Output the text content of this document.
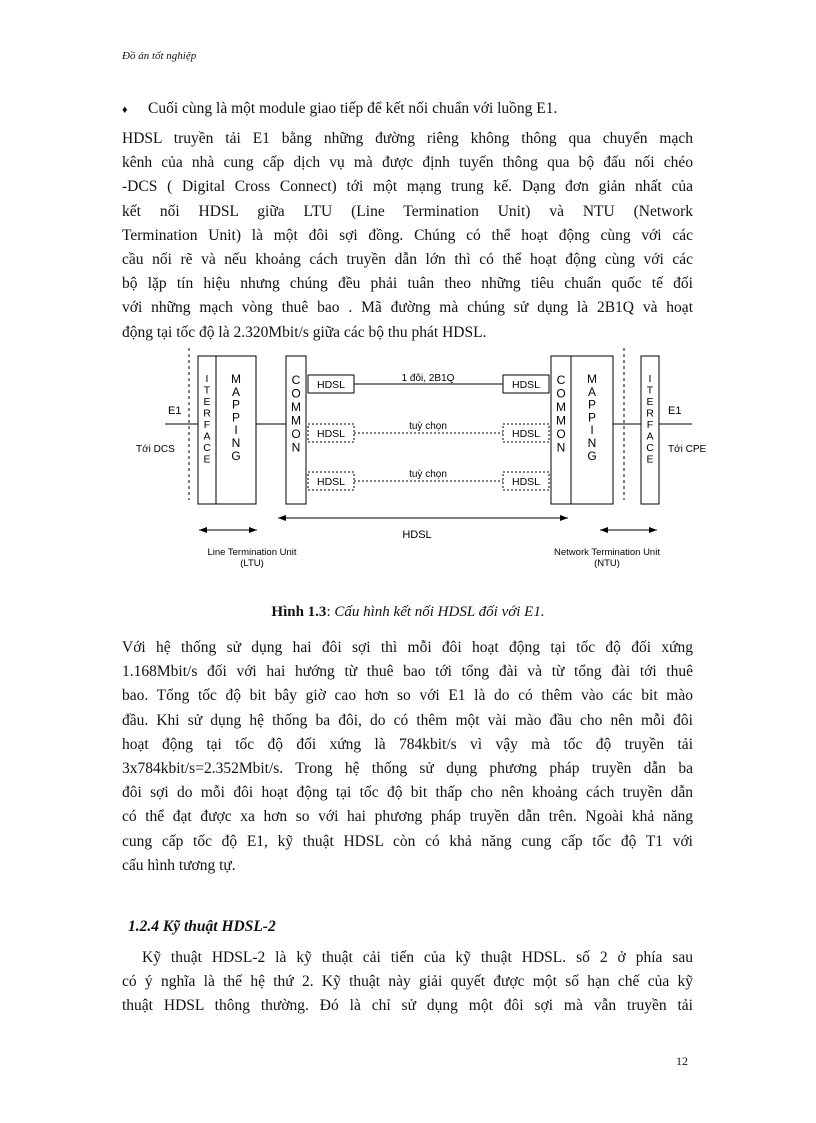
Đồ án tốt nghiệp
♦ Cuối cùng là một module giao tiếp để kết nối chuẩn với luồng E1.
HDSL truyền tải E1 bằng những đường riêng không thông qua chuyển mạch
kênh của nhà cung cấp dịch vụ mà được định tuyến thông qua bộ đấu nối chéo
-DCS ( Digital Cross Connect) tới một mạng trung kế. Dạng đơn giản nhất của
kết nối HDSL giữa LTU (Line Termination Unit) và NTU (Network
Termination Unit) là một đôi sợi đồng. Chúng có thể hoạt động cùng với các
cầu nối rẽ và nếu khoảng cách truyền dẫn lớn thì có thể hoạt động cùng với các
bộ lặp tín hiệu nhưng chúng đều phải tuân theo những tiêu chuẩn quốc tế đối
với những mạch vòng thuê bao . Mã đường mà chúng sử dụng là 2B1Q và hoạt
động tại tốc độ là 2.320Mbit/s giữa các bộ thu phát HDSL.
E1
Tới DCS
I
T
E
R
F
A
C
E
M
A
P
P
I
N
G
C
O
M
M
O
N
HDSL
HDSL
HDSL
HDSL
HDSL
HDSL
1 đôi, 2B1Q
tuỳ chọn
tuỳ chọn
C
O
M
M
O
N
M
A
P
P
I
N
G
I
T
E
R
F
A
C
E
E1
Tới CPE
HDSL
Line Termination Unit
(LTU)
Network Termination Unit
(NTU)
Hình 1.3: Cấu hình kết nối HDSL đối với E1.
Với hệ thống sử dụng hai đôi sợi thì mỗi đôi hoạt động tại tốc độ đối xứng
1.168Mbit/s đối với hai hướng từ thuê bao tới tổng đài và từ tổng đài tới thuê
bao. Tổng tốc độ bit bây giờ cao hơn so với E1 là do có thêm vào các bit mào
đầu. Khi sử dụng hệ thống ba đôi, do có thêm một vài mào đầu cho nên mỗi đôi
hoạt động tại tốc độ đối xứng là 784kbit/s vì vậy mà tốc độ truyền tải
3x784kbit/s=2.352Mbit/s. Trong hệ thống sử dụng phương pháp truyền dẫn ba
đôi sợi do mỗi đôi hoạt động tại tốc độ bit thấp cho nên khoảng cách truyền dẫn
có thể đạt được xa hơn so với hai phương pháp truyền dẫn trên. Ngoài khả năng
cung cấp tốc độ E1, kỹ thuật HDSL còn có khả năng cung cấp tốc độ T1 với
cấu hình tương tự.
1.2.4 Kỹ thuật HDSL-2
Kỹ thuật HDSL-2 là kỹ thuật cải tiến của kỹ thuật HDSL. số 2 ở phía sau
có ý nghĩa là thế hệ thứ 2. Kỹ thuật này giải quyết được một số hạn chế của kỹ
thuật HDSL thông thường. Đó là chỉ sử dụng một đôi sợi mà vẫn truyền tải
12
